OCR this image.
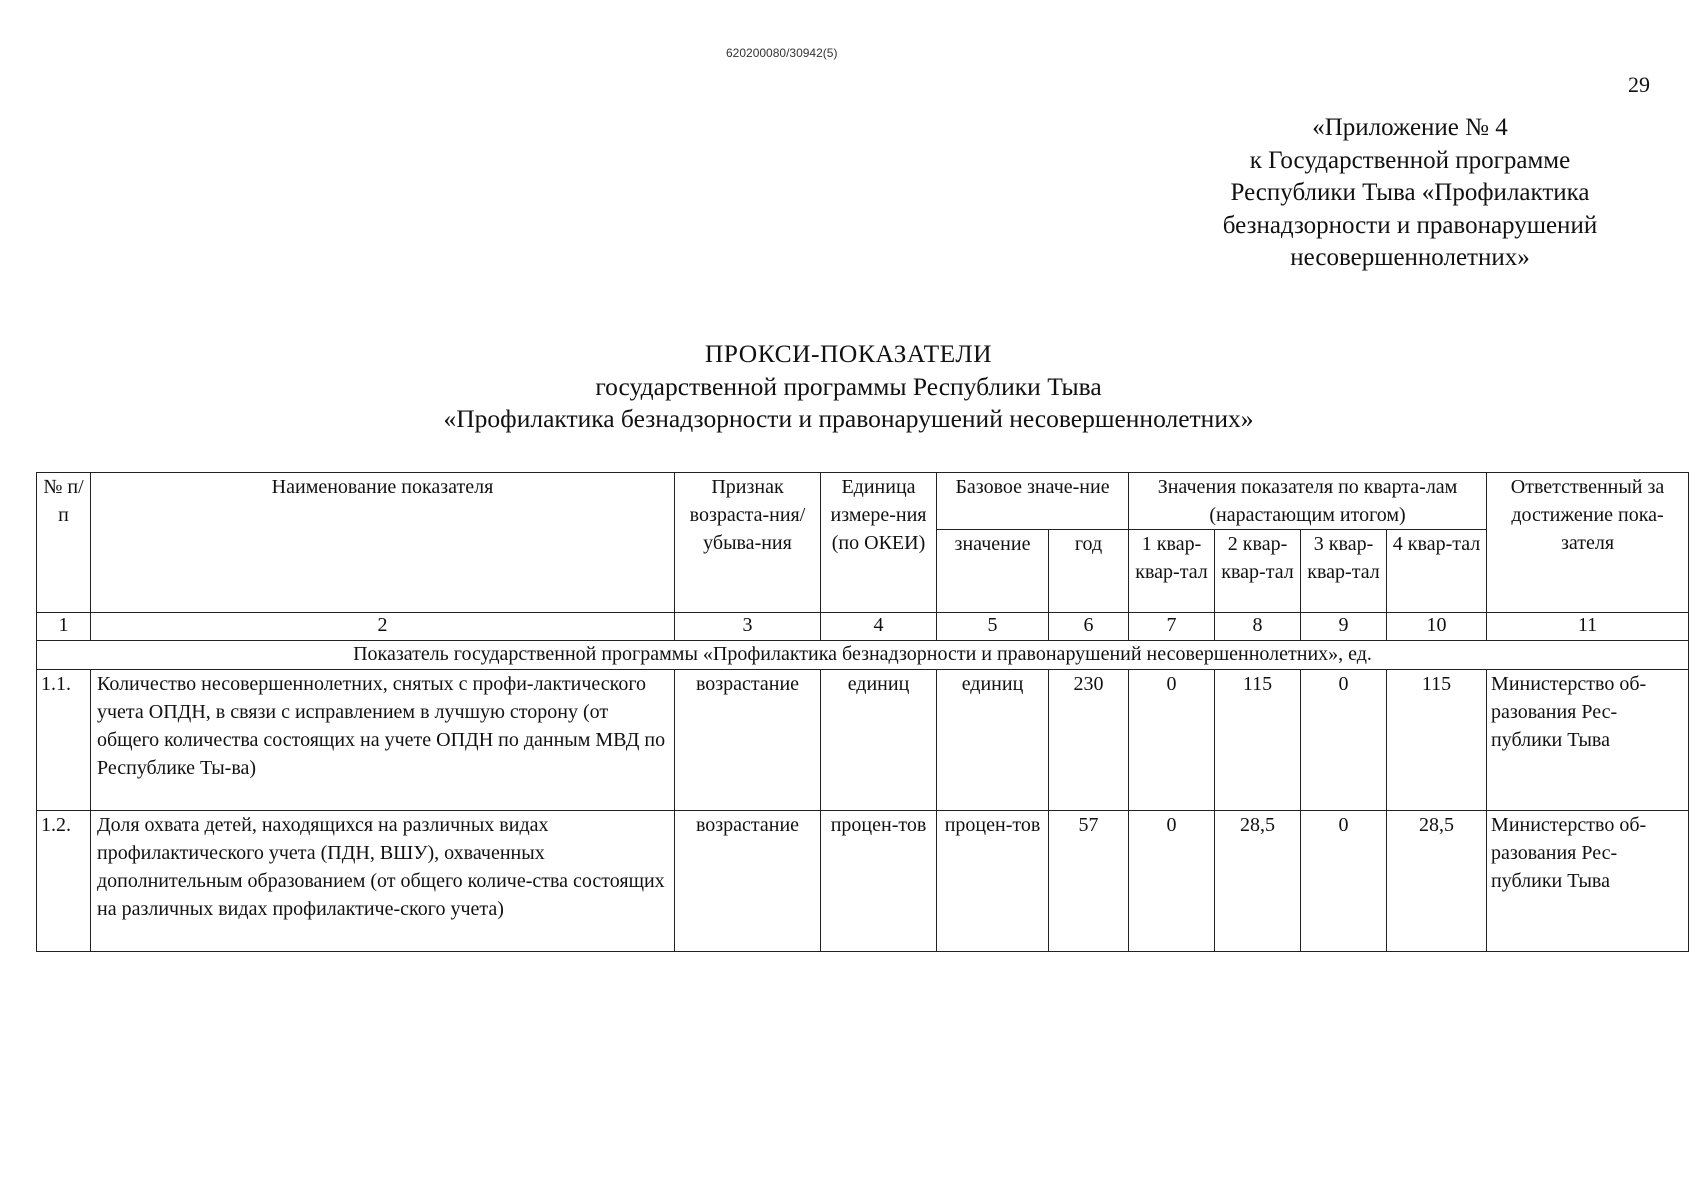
620200080/30942(5)
29
«Приложение № 4
к Государственной программе
Республики Тыва «Профилактика
безнадзорности и правонарушений
несовершеннолетних»
ПРОКСИ-ПОКАЗАТЕЛИ
государственной программы Республики Тыва
«Профилактика безнадзорности и правонарушений несовершеннолетних»
№ п/п	Наименование показателя	Признак возраста-ния/ убыва-ния	Единица измере-ния (по ОКЕИ)	Базовое значе-ние		Значения показателя по кварта-лам (нарастающим итогом)				Ответственный за достижение пока-зателя
				значение	год	1 квар-квар-тал	2 квар-квар-тал	3 квар-квар-тал	4 квар-тал	
1	2	3	4	5	6	7	8	9	10	11
Показатель государственной программы «Профилактика безнадзорности и правонарушений несовершеннолетних», ед.										
1.1.	Количество несовершеннолетних, снятых с профи-лактического учета ОПДН, в связи с исправлением в лучшую сторону (от общего количества состоящих на учете ОПДН по данным МВД по Республике Ты-ва)	возрастание	единиц	единиц	230	0	115	0	115	Министерство об-разования Рес-публики Тыва
1.2.	Доля охвата детей, находящихся на различных видах профилактического учета (ПДН, ВШУ), охваченных дополнительным образованием (от общего количе-ства состоящих на различных видах профилактиче-ского учета)	возрастание	процен-тов	процен-тов	57	0	28,5	0	28,5	Министерство об-разования Рес-публики Тыва
